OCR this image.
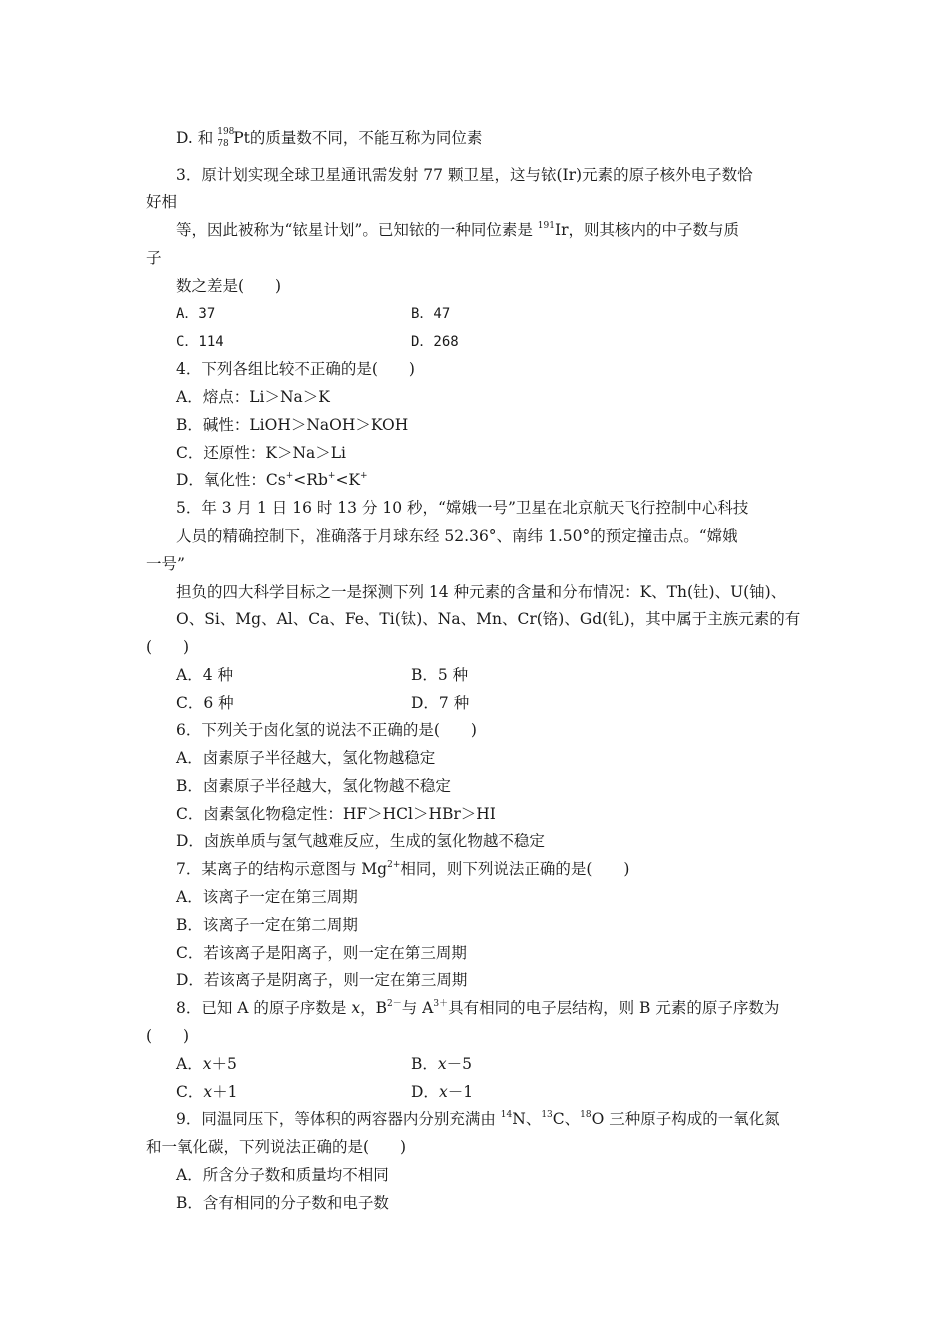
D. 和 198
78 Pt的质量数不同，不能互称为同位素
3．原计划实现全球卫星通讯需发射 77 颗卫星，这与铱(Ir)元素的原子核外电子数恰
好相
等，因此被称为“铱星计划”。已知铱的一种同位素是 $^{191}$Ir，则其核内的中子数与质
子
数之差是(　　)
A．37	B．47
C．114	D．268
4．下列各组比较不正确的是(　　)
A．熔点：Li＞Na＞K
B．碱性：LiOH＞NaOH＞KOH
C．还原性：K＞Na＞Li
D．氧化性：Cs+<Rb+<K+
5．年 3 月 1 日 16 时 13 分 10 秒，“嫦娥一号”卫星在北京航天飞行控制中心科技
人员的精确控制下，准确落于月球东经 52.36°、南纬 1.50°的预定撞击点。“嫦娥
一号”
担负的四大科学目标之一是探测下列 14 种元素的含量和分布情况：K、Th(钍)、U(铀)、
O、Si、Mg、Al、Ca、Fe、Ti(钛)、Na、Mn、Cr(铬)、Gd(钆)，其中属于主族元素的有
(　　)
A．4 种	B．5 种
C．6 种	D．7 种
6．下列关于卤化氢的说法不正确的是(　　)
A．卤素原子半径越大，氢化物越稳定
B．卤素原子半径越大，氢化物越不稳定
C．卤素氢化物稳定性：HF＞HCl＞HBr＞HI
D．卤族单质与氢气越难反应，生成的氢化物越不稳定
7．某离子的结构示意图与 $Mg^{2+}$相同，则下列说法正确的是(　　)
A．该离子一定在第三周期
B．该离子一定在第二周期
C．若该离子是阳离子，则一定在第三周期
D．若该离子是阴离子，则一定在第三周期
8．已知 A 的原子序数是 x，$B^{2-}$与 $A^{3+}$具有相同的电子层结构，则 B 元素的原子序数为
(　　)
A．x＋5	B．x－5
C．x＋1	D．x－1
9．同温同压下，等体积的两容器内分别充满由 $^{14}$N、$^{13}$C、$^{18}$O 三种原子构成的一氧化氮
和一氧化碳，下列说法正确的是(　　)
A．所含分子数和质量均不相同
B．含有相同的分子数和电子数
